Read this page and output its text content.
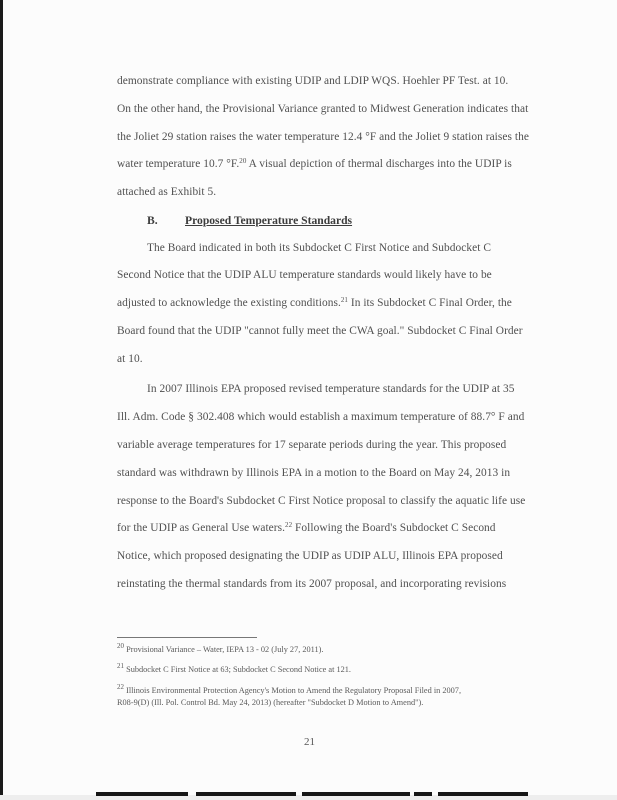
demonstrate compliance with existing UDIP and LDIP WQS. Hoehler PF Test. at 10.
On the other hand, the Provisional Variance granted to Midwest Generation indicates that
the Joliet 29 station raises the water temperature 12.4 °F and the Joliet 9 station raises the
water temperature 10.7 °F.$^{20}$ A visual depiction of thermal discharges into the UDIP is
attached as Exhibit 5.
B. Proposed Temperature Standards
The Board indicated in both its Subdocket C First Notice and Subdocket C
Second Notice that the UDIP ALU temperature standards would likely have to be
adjusted to acknowledge the existing conditions.$^{21}$ In its Subdocket C Final Order, the
Board found that the UDIP "cannot fully meet the CWA goal." Subdocket C Final Order
at 10.
In 2007 Illinois EPA proposed revised temperature standards for the UDIP at 35
Ill. Adm. Code § 302.408 which would establish a maximum temperature of 88.7° F and
variable average temperatures for 17 separate periods during the year. This proposed
standard was withdrawn by Illinois EPA in a motion to the Board on May 24, 2013 in
response to the Board's Subdocket C First Notice proposal to classify the aquatic life use
for the UDIP as General Use waters.$^{22}$ Following the Board's Subdocket C Second
Notice, which proposed designating the UDIP as UDIP ALU, Illinois EPA proposed
reinstating the thermal standards from its 2007 proposal, and incorporating revisions
$^{20}$ Provisional Variance – Water, IEPA 13 - 02 (July 27, 2011).
$^{21}$ Subdocket C First Notice at 63; Subdocket C Second Notice at 121.
$^{22}$ Illinois Environmental Protection Agency's Motion to Amend the Regulatory Proposal Filed in 2007,
R08-9(D) (Ill. Pol. Control Bd. May 24, 2013) (hereafter "Subdocket D Motion to Amend").
21
